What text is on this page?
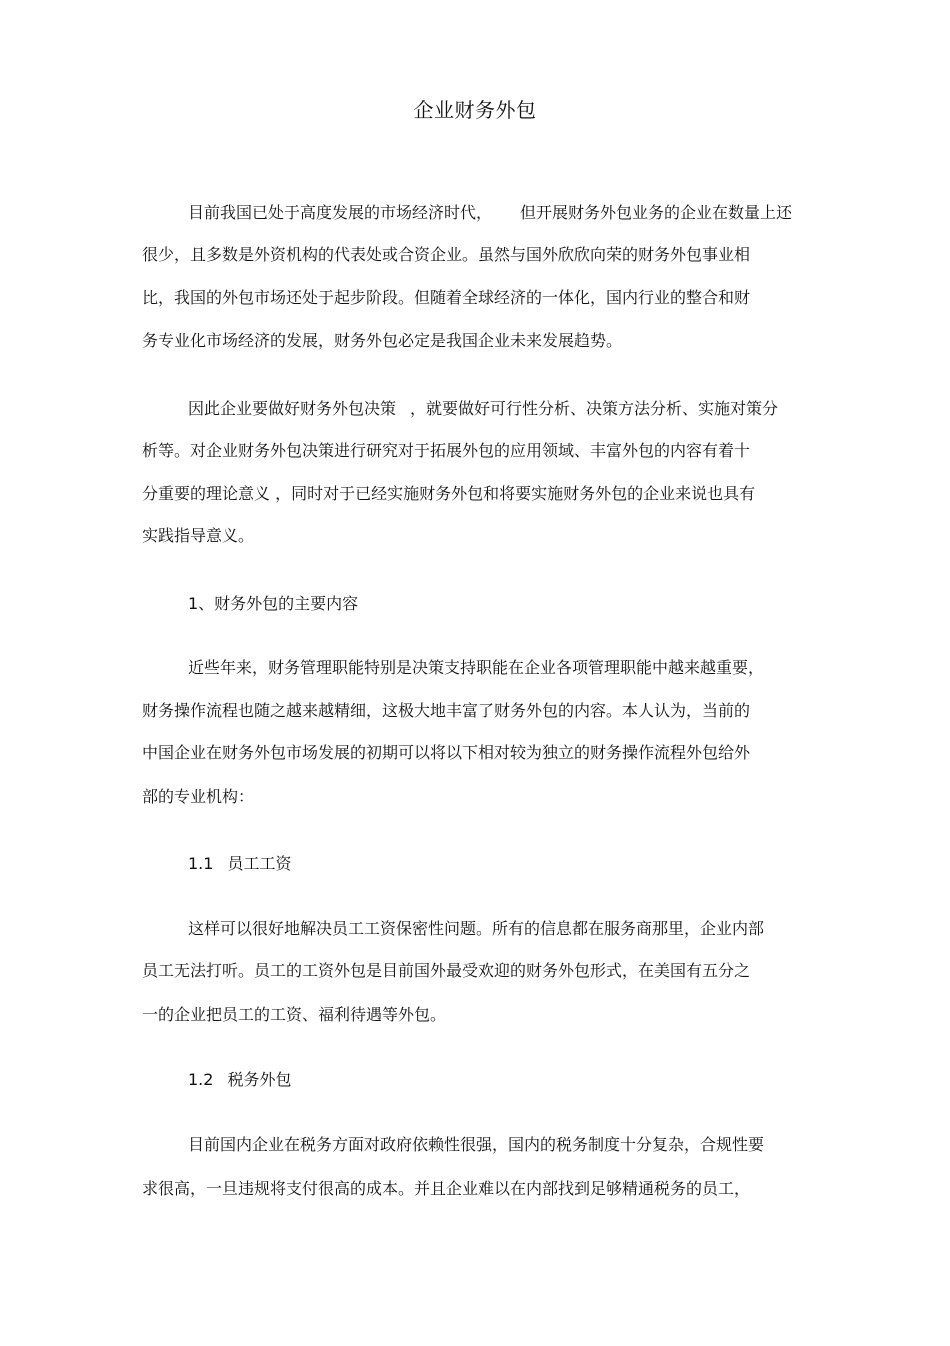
企业财务外包
目前我国已处于高度发展的市场经济时代， 但开展财务外包业务的企业在数量上还
很少，且多数是外资机构的代表处或合资企业。虽然与国外欣欣向荣的财务外包事业相
比，我国的外包市场还处于起步阶段。但随着全球经济的一体化，国内行业的整合和财
务专业化市场经济的发展，财务外包必定是我国企业未来发展趋势。
因此企业要做好财务外包决策 ，就要做好可行性分析、决策方法分析、实施对策分
析等。对企业财务外包决策进行研究对于拓展外包的应用领域、丰富外包的内容有着十
分重要的理论意义 ，同时对于已经实施财务外包和将要实施财务外包的企业来说也具有
实践指导意义。
1、财务外包的主要内容
近些年来，财务管理职能特别是决策支持职能在企业各项管理职能中越来越重要，
财务操作流程也随之越来越精细，这极大地丰富了财务外包的内容。本人认为，当前的
中国企业在财务外包市场发展的初期可以将以下相对较为独立的财务操作流程外包给外
部的专业机构：
1.1 员工工资
这样可以很好地解决员工工资保密性问题。所有的信息都在服务商那里，企业内部
员工无法打听。员工的工资外包是目前国外最受欢迎的财务外包形式，在美国有五分之
一的企业把员工的工资、福利待遇等外包。
1.2 税务外包
目前国内企业在税务方面对政府依赖性很强，国内的税务制度十分复杂，合规性要
求很高，一旦违规将支付很高的成本。并且企业难以在内部找到足够精通税务的员工，
